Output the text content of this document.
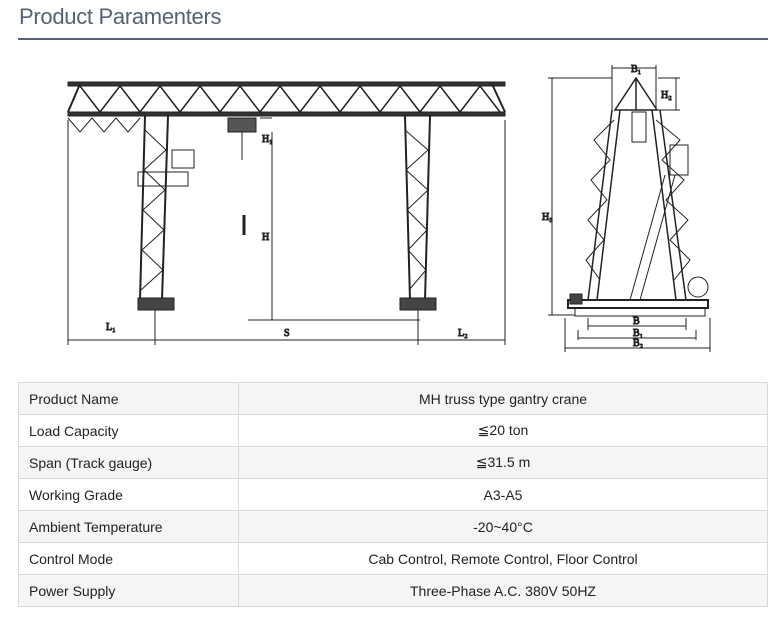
Product Paramenters
L₁
S	L₂
H
H₁
B₁
H₂
H₃
B
B₁
B₂
Product Name	MH truss type gantry crane
Load Capacity	≦20 ton
Span (Track gauge)	≦31.5 m
Working Grade	A3-A5
Ambient Temperature	-20~40°C
Control Mode	Cab Control, Remote Control, Floor Control
Power Supply	Three-Phase A.C. 380V 50HZ
